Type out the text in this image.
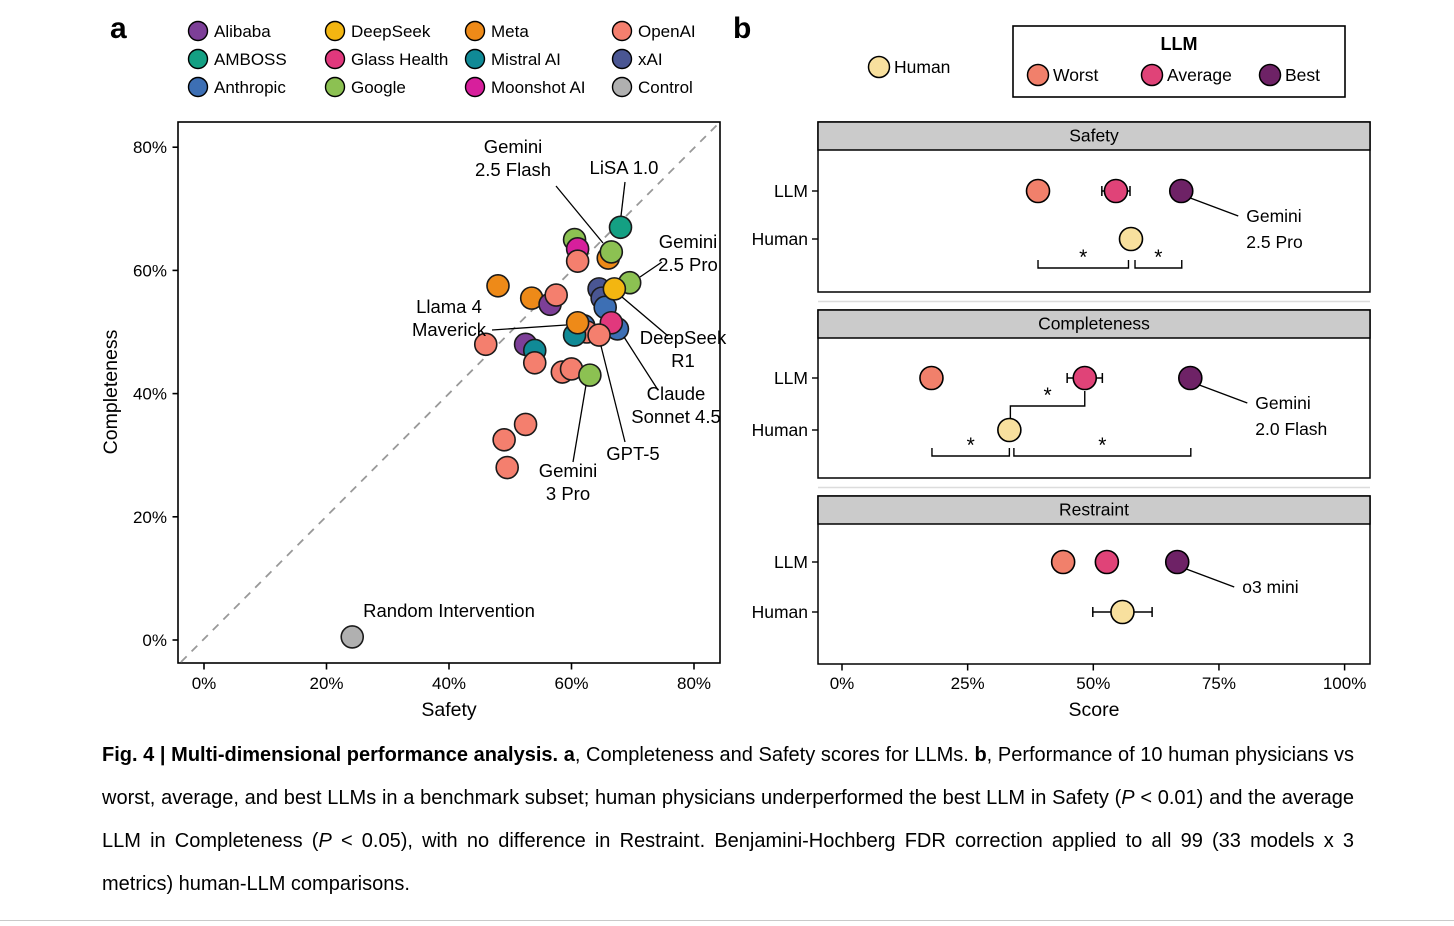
Alibaba
AMBOSS
Anthropic
DeepSeek
Glass Health
Google
Meta
Mistral AI
Moonshot AI
OpenAI
xAI
Control
0%	20%	40%	60%	80%
0%
20%
40%
60%
80%
Safety
Completeness
Gemini
2.5 Flash LiSA 1.0
Gemini
2.5 Pro
Llama 4
Maverick	DeepSeek
R1
Claude
Sonnet 4.5
GPT-5
Gemini
3 Pro
Random Intervention
Human
LLM
Worst	Average	Best
Safety
LLM
Human
*	*
Gemini
2.5 Pro
Completeness
LLM
Human
*
*	*
Gemini
2.0 Flash
Restraint
LLM
Human
o3 mini
0%	25%	50%	75%	100%
Score
a	b

Fig. 4 | Multi-dimensional performance analysis. a, Completeness and Safety scores for LLMs. b, Performance of 10 human physicians vs worst, average, and best LLMs in a benchmark subset; human physicians underperformed the best LLM in Safety (P < 0.01) and the average LLM in Completeness (P < 0.05), with no difference in Restraint. Benjamini-Hochberg FDR correction applied to all 99 (33 models x 3 metrics) human-LLM comparisons.
